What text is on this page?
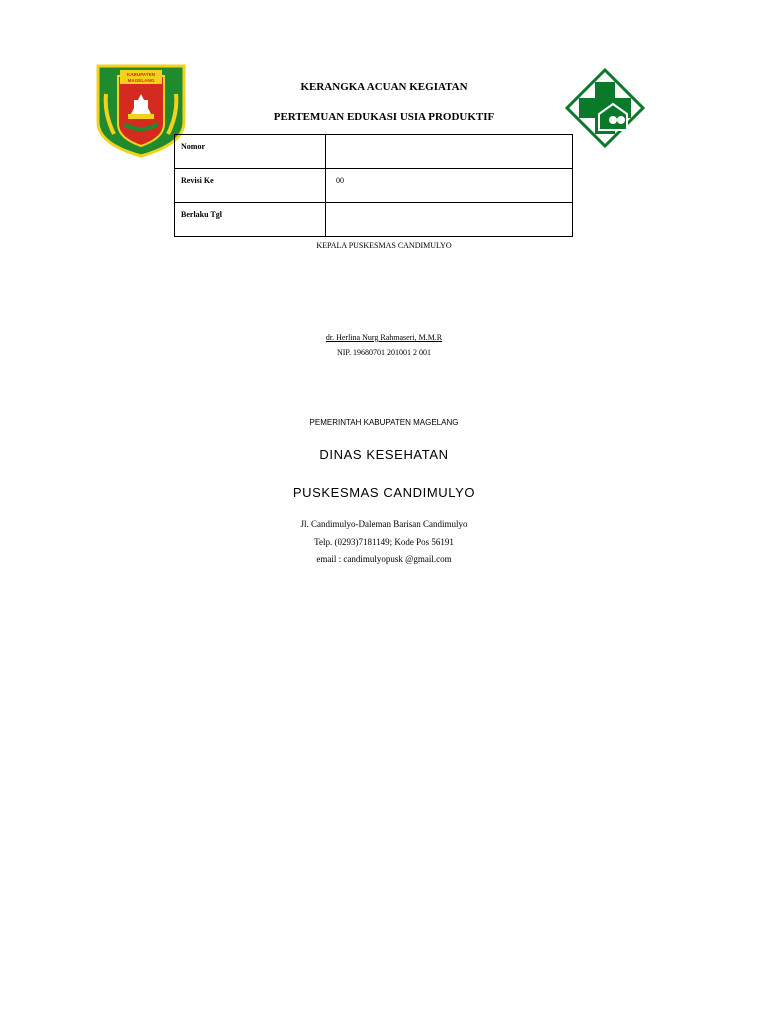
KABUPATEN
MAGELANG
KERANGKA ACUAN KEGIATAN
PERTEMUAN EDUKASI USIA PRODUKTIF
Nomor	
Revisi Ke	00
Berlaku Tgl	
KEPALA PUSKESMAS CANDIMULYO
dr. Herlina Nurg Rahmaseri, M.M.R
NIP. 19680701 201001 2 001
PEMERINTAH KABUPATEN MAGELANG
DINAS KESEHATAN
PUSKESMAS CANDIMULYO
Jl. Candimulyo-Daleman Barisan Candimulyo
Telp. (0293)7181149; Kode Pos 56191
email : candimulyopusk @gmail.com
